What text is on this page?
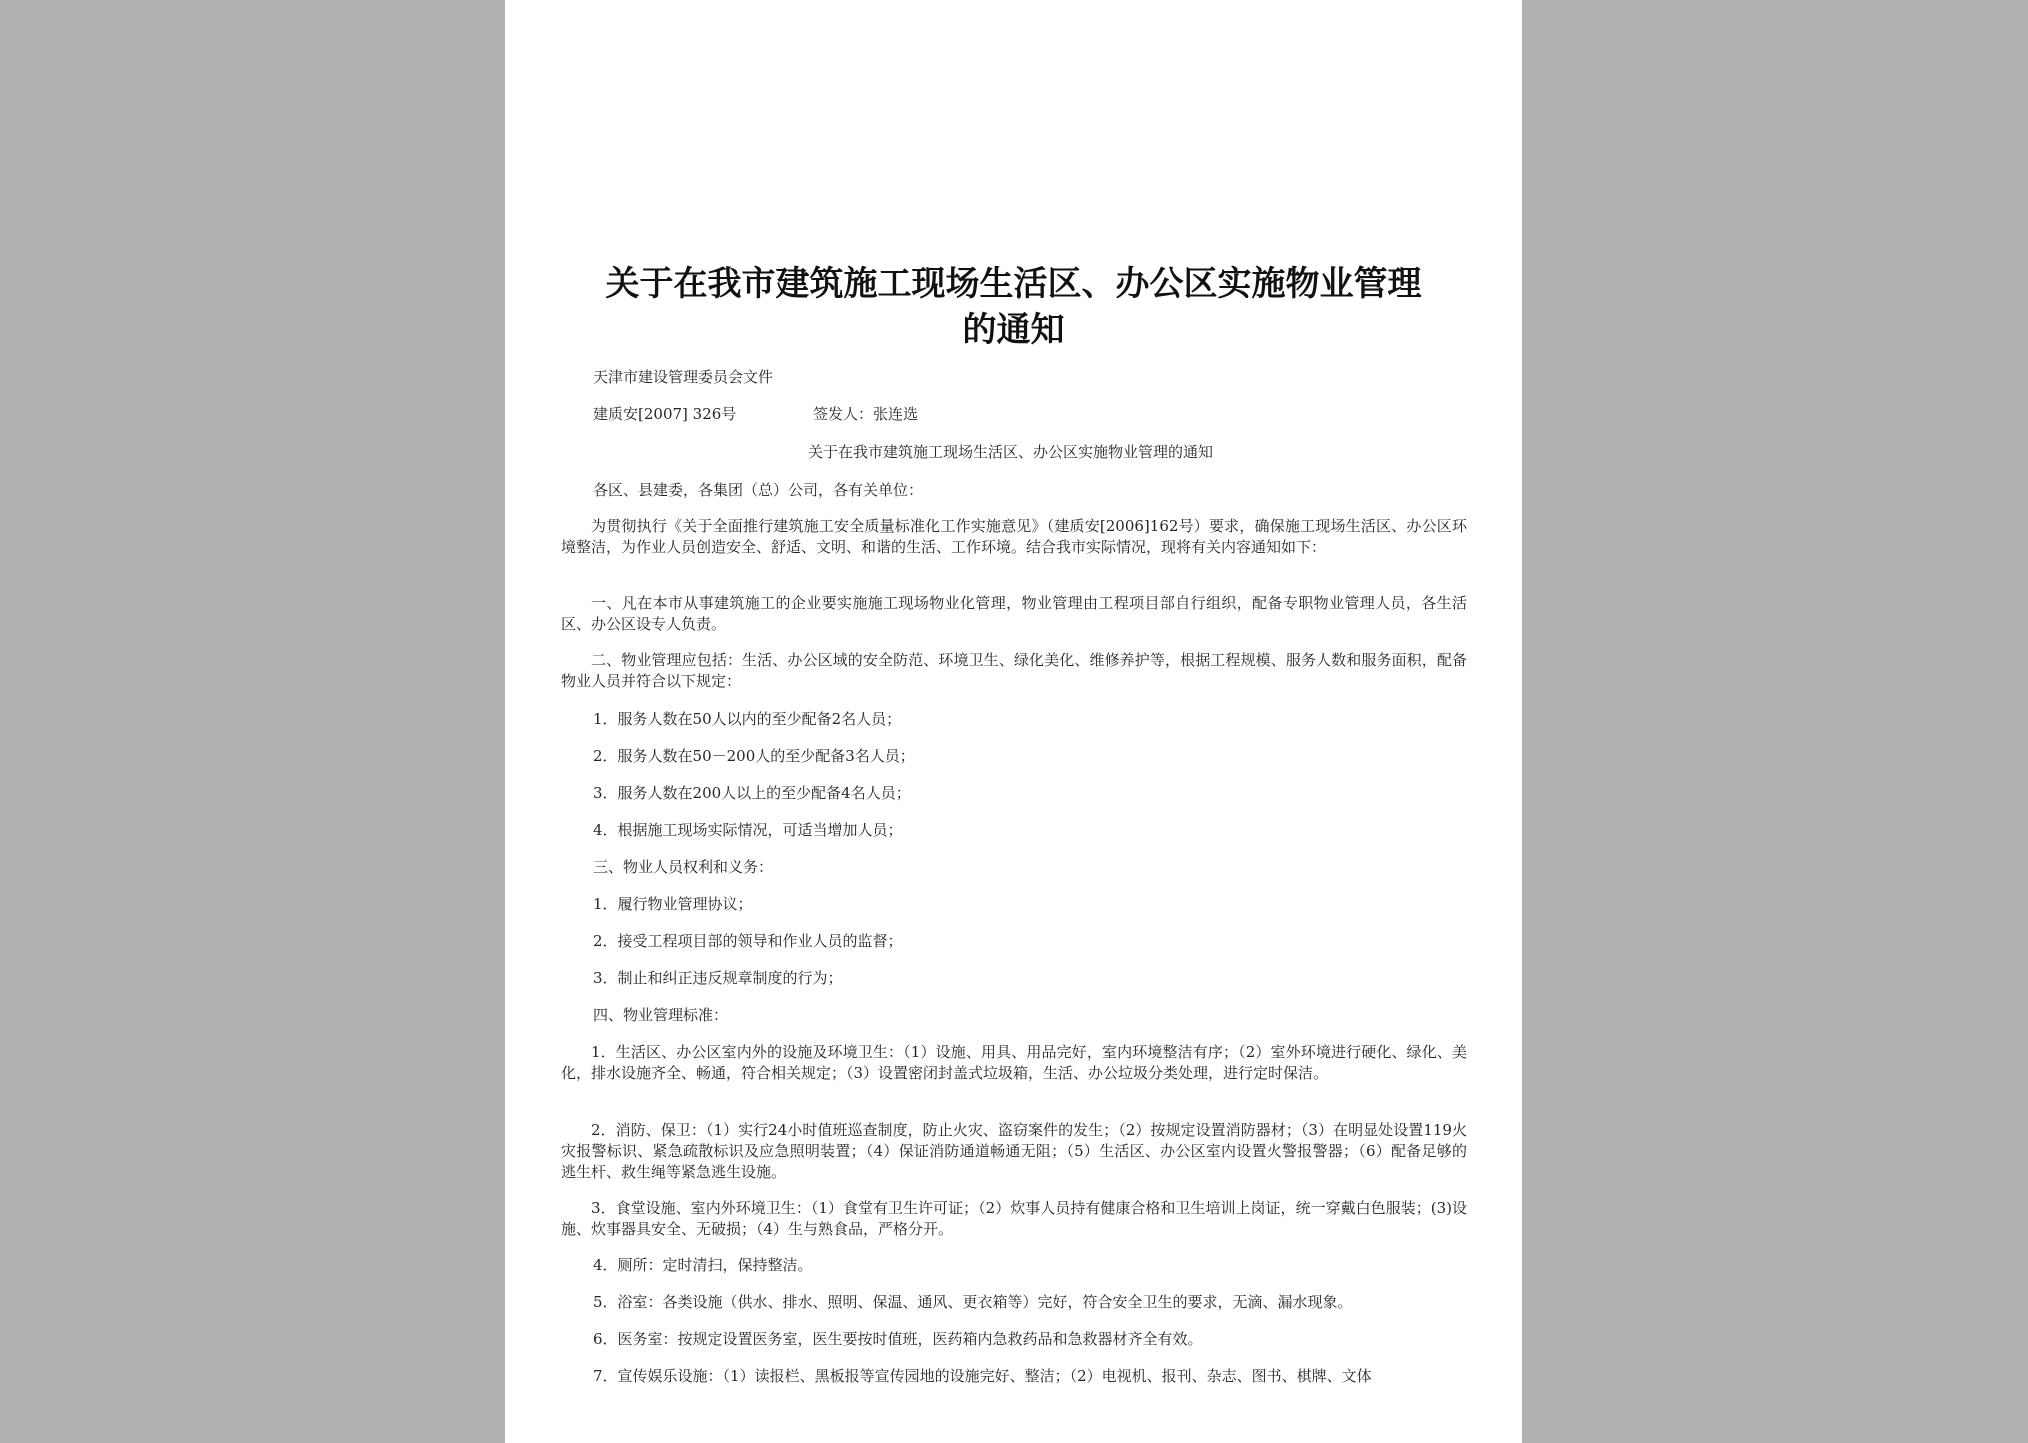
关于在我市建筑施工现场生活区、办公区实施物业管理
的通知

天津市建设管理委员会文件

建质安[2007] 326号	签发人：张连选

关于在我市建筑施工现场生活区、办公区实施物业管理的通知

各区、县建委，各集团（总）公司，各有关单位：

为贯彻执行《关于全面推行建筑施工安全质量标准化工作实施意见》（建质安[2006]162号）要求，确保施工现场生活区、办公区环境整洁，为作业人员创造安全、舒适、文明、和谐的生活、工作环境。结合我市实际情况，现将有关内容通知如下：

一、凡在本市从事建筑施工的企业要实施施工现场物业化管理，物业管理由工程项目部自行组织，配备专职物业管理人员，各生活区、办公区设专人负责。

二、物业管理应包括：生活、办公区域的安全防范、环境卫生、绿化美化、维修养护等，根据工程规模、服务人数和服务面积，配备物业人员并符合以下规定：

1．服务人数在50人以内的至少配备2名人员；

2．服务人数在50－200人的至少配备3名人员；

3．服务人数在200人以上的至少配备4名人员；

4．根据施工现场实际情况，可适当增加人员；

三、物业人员权利和义务：

1．履行物业管理协议；

2．接受工程项目部的领导和作业人员的监督；

3．制止和纠正违反规章制度的行为；

四、物业管理标准：

1．生活区、办公区室内外的设施及环境卫生：（1）设施、用具、用品完好，室内环境整洁有序；（2）室外环境进行硬化、绿化、美化，排水设施齐全、畅通，符合相关规定；（3）设置密闭封盖式垃圾箱，生活、办公垃圾分类处理，进行定时保洁。

2．消防、保卫：（1）实行24小时值班巡查制度，防止火灾、盗窃案件的发生；（2）按规定设置消防器材；（3）在明显处设置119火灾报警标识、紧急疏散标识及应急照明装置；（4）保证消防通道畅通无阻；（5）生活区、办公区室内设置火警报警器；（6）配备足够的逃生杆、救生绳等紧急逃生设施。

3．食堂设施、室内外环境卫生：（1）食堂有卫生许可证；（2）炊事人员持有健康合格和卫生培训上岗证，统一穿戴白色服装；(3)设施、炊事器具安全、无破损；（4）生与熟食品，严格分开。

4．厕所：定时清扫，保持整洁。

5．浴室：各类设施（供水、排水、照明、保温、通风、更衣箱等）完好，符合安全卫生的要求，无滴、漏水现象。

6．医务室：按规定设置医务室，医生要按时值班，医药箱内急救药品和急救器材齐全有效。

7．宣传娱乐设施：（1）读报栏、黑板报等宣传园地的设施完好、整洁；（2）电视机、报刊、杂志、图书、棋牌、文体
